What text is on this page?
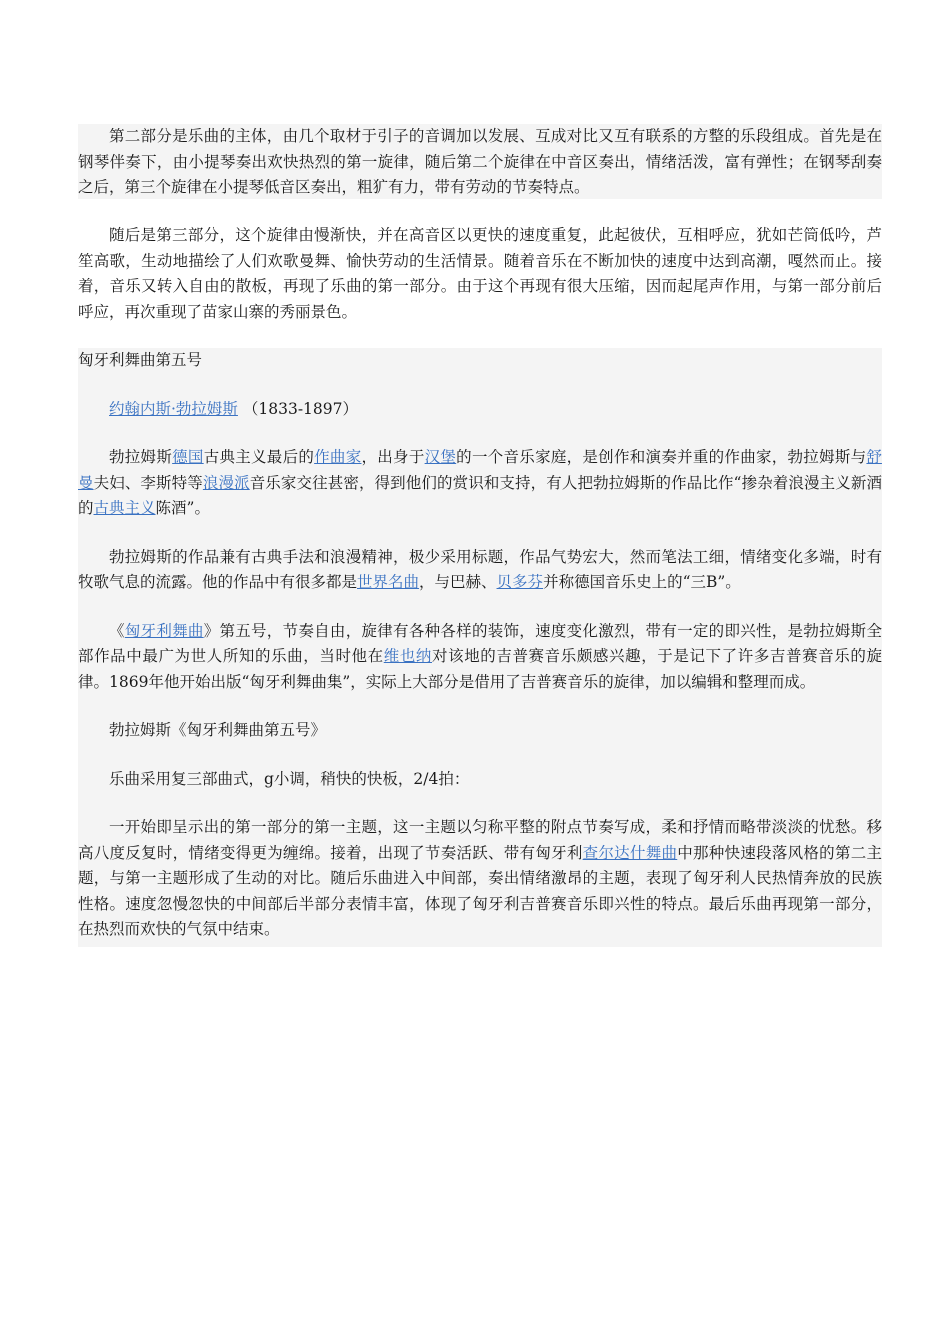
第二部分是乐曲的主体，由几个取材于引子的音调加以发展、互成对比又互有联系的方整的乐段组成。首先是在钢琴伴奏下，由小提琴奏出欢快热烈的第一旋律，随后第二个旋律在中音区奏出，情绪活泼，富有弹性；在钢琴刮奏之后，第三个旋律在小提琴低音区奏出，粗犷有力，带有劳动的节奏特点。

随后是第三部分，这个旋律由慢渐快，并在高音区以更快的速度重复，此起彼伏，互相呼应，犹如芒筒低吟，芦笙高歌，生动地描绘了人们欢歌曼舞、愉快劳动的生活情景。随着音乐在不断加快的速度中达到高潮，嘎然而止。接着，音乐又转入自由的散板，再现了乐曲的第一部分。由于这个再现有很大压缩，因而起尾声作用，与第一部分前后呼应，再次重现了苗家山寨的秀丽景色。

匈牙利舞曲第五号

约翰内斯·勃拉姆斯 （1833-1897）

勃拉姆斯德国古典主义最后的作曲家，出身于汉堡的一个音乐家庭，是创作和演奏并重的作曲家，勃拉姆斯与舒曼夫妇、李斯特等浪漫派音乐家交往甚密，得到他们的赏识和支持，有人把勃拉姆斯的作品比作“掺杂着浪漫主义新酒的古典主义陈酒”。

勃拉姆斯的作品兼有古典手法和浪漫精神，极少采用标题，作品气势宏大，然而笔法工细，情绪变化多端，时有牧歌气息的流露。他的作品中有很多都是世界名曲，与巴赫、贝多芬并称德国音乐史上的“三B”。

《匈牙利舞曲》第五号，节奏自由，旋律有各种各样的装饰，速度变化激烈，带有一定的即兴性，是勃拉姆斯全部作品中最广为世人所知的乐曲，当时他在维也纳对该地的吉普赛音乐颇感兴趣，于是记下了许多吉普赛音乐的旋律。1869年他开始出版“匈牙利舞曲集”，实际上大部分是借用了吉普赛音乐的旋律，加以编辑和整理而成。

勃拉姆斯《匈牙利舞曲第五号》

乐曲采用复三部曲式，g小调，稍快的快板，2/4拍：

一开始即呈示出的第一部分的第一主题，这一主题以匀称平整的附点节奏写成，柔和抒情而略带淡淡的忧愁。移高八度反复时，情绪变得更为缠绵。接着，出现了节奏活跃、带有匈牙利查尔达什舞曲中那种快速段落风格的第二主题，与第一主题形成了生动的对比。随后乐曲进入中间部，奏出情绪激昂的主题，表现了匈牙利人民热情奔放的民族性格。速度忽慢忽快的中间部后半部分表情丰富，体现了匈牙利吉普赛音乐即兴性的特点。最后乐曲再现第一部分，在热烈而欢快的气氛中结束。
